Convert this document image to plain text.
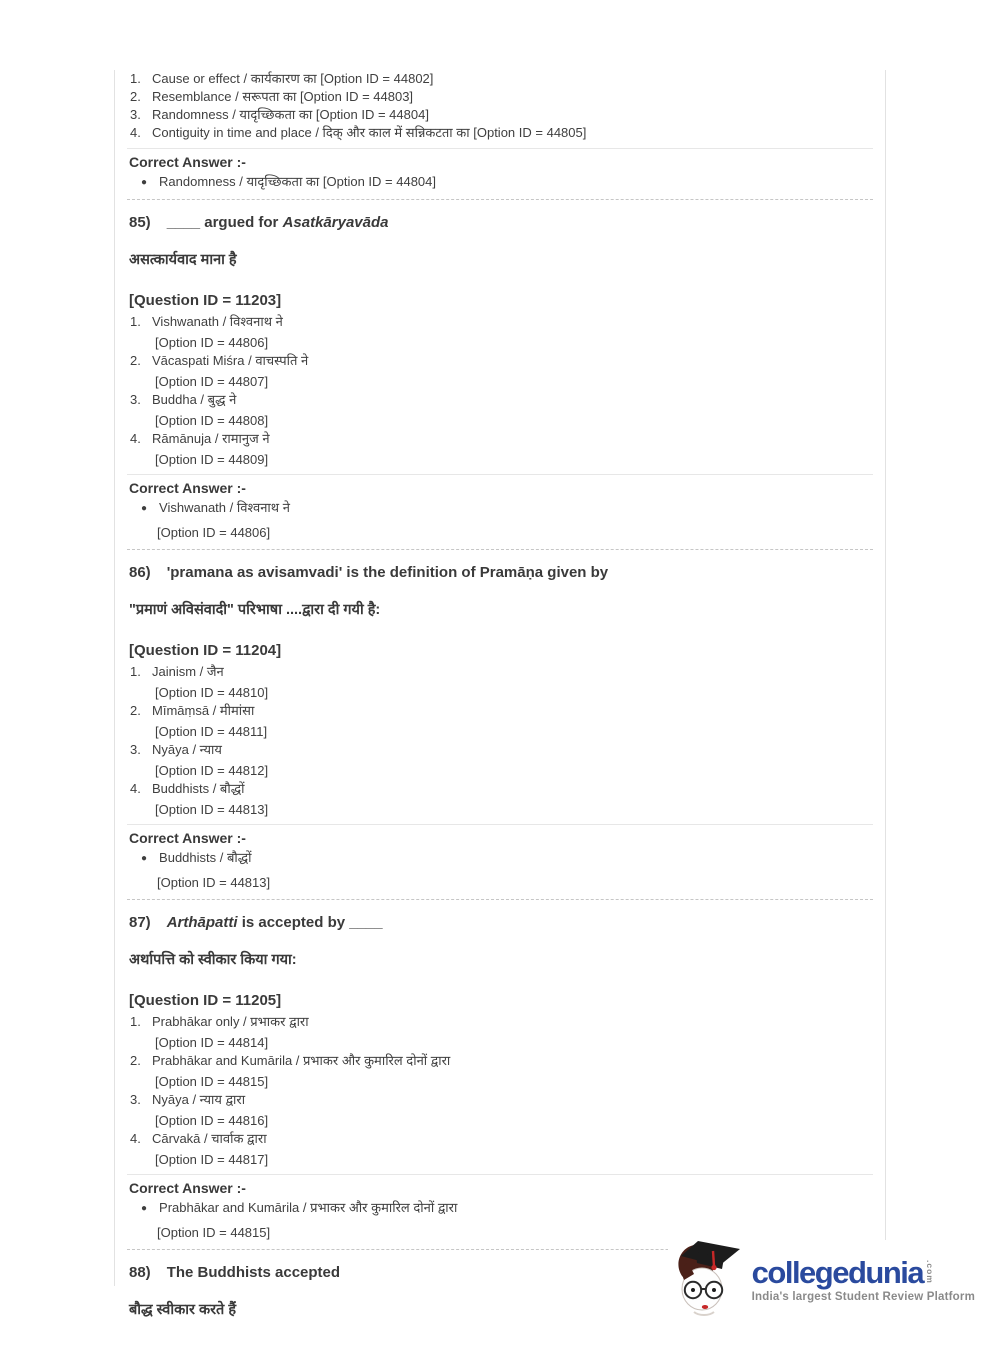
1. Cause or effect / कार्यकारण का [Option ID = 44802]
2. Resemblance / सरूपता का [Option ID = 44803]
3. Randomness / यादृच्छिकता का [Option ID = 44804]
4. Contiguity in time and place / दिक् और काल में सन्निकटता का [Option ID = 44805]
Correct Answer :-
● Randomness / यादृच्छिकता का [Option ID = 44804]
85) ____ argued for Asatkāryavāda
असत्कार्यवाद माना है
[Question ID = 11203]
1. Vishwanath / विश्वनाथ ने
[Option ID = 44806]
2. Vācaspati Miśra / वाचस्पति ने
[Option ID = 44807]
3. Buddha / बुद्ध ने
[Option ID = 44808]
4. Rāmānuja / रामानुज ने
[Option ID = 44809]
Correct Answer :-
● Vishwanath / विश्वनाथ ने
[Option ID = 44806]
86) 'pramana as avisamvadi' is the definition of Pramāṇa given by
"प्रमाणं अविसंवादी" परिभाषा ....द्वारा दी गयी है:
[Question ID = 11204]
1. Jainism / जैन
[Option ID = 44810]
2. Mīmāṃsā / मीमांसा
[Option ID = 44811]
3. Nyāya / न्याय
[Option ID = 44812]
4. Buddhists / बौद्धों
[Option ID = 44813]
Correct Answer :-
● Buddhists / बौद्धों
[Option ID = 44813]
87) Arthāpatti is accepted by ____
अर्थापत्ति को स्वीकार किया गया:
[Question ID = 11205]
1. Prabhākar only / प्रभाकर द्वारा
[Option ID = 44814]
2. Prabhākar and Kumārila / प्रभाकर और कुमारिल दोनों द्वारा
[Option ID = 44815]
3. Nyāya / न्याय द्वारा
[Option ID = 44816]
4. Cārvakā / चार्वाक द्वारा
[Option ID = 44817]
Correct Answer :-
● Prabhākar and Kumārila / प्रभाकर और कुमारिल दोनों द्वारा
[Option ID = 44815]
88) The Buddhists accepted
बौद्ध स्वीकार करते हैं
collegedunia .com
India's largest Student Review Platform
